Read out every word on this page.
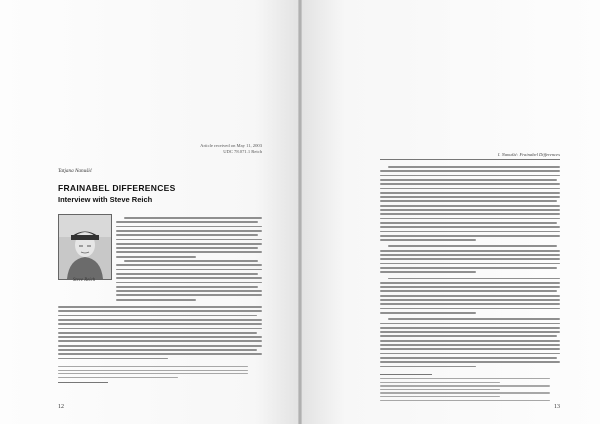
Article received on May 11, 2003
UDC 78.071.1 Reich
Tatjana Nanušić
FRAINABEL DIFFERENCES
Interview with Steve Reich
Steve Reich
12
I. Nanušić: Frainabel Differences
13
